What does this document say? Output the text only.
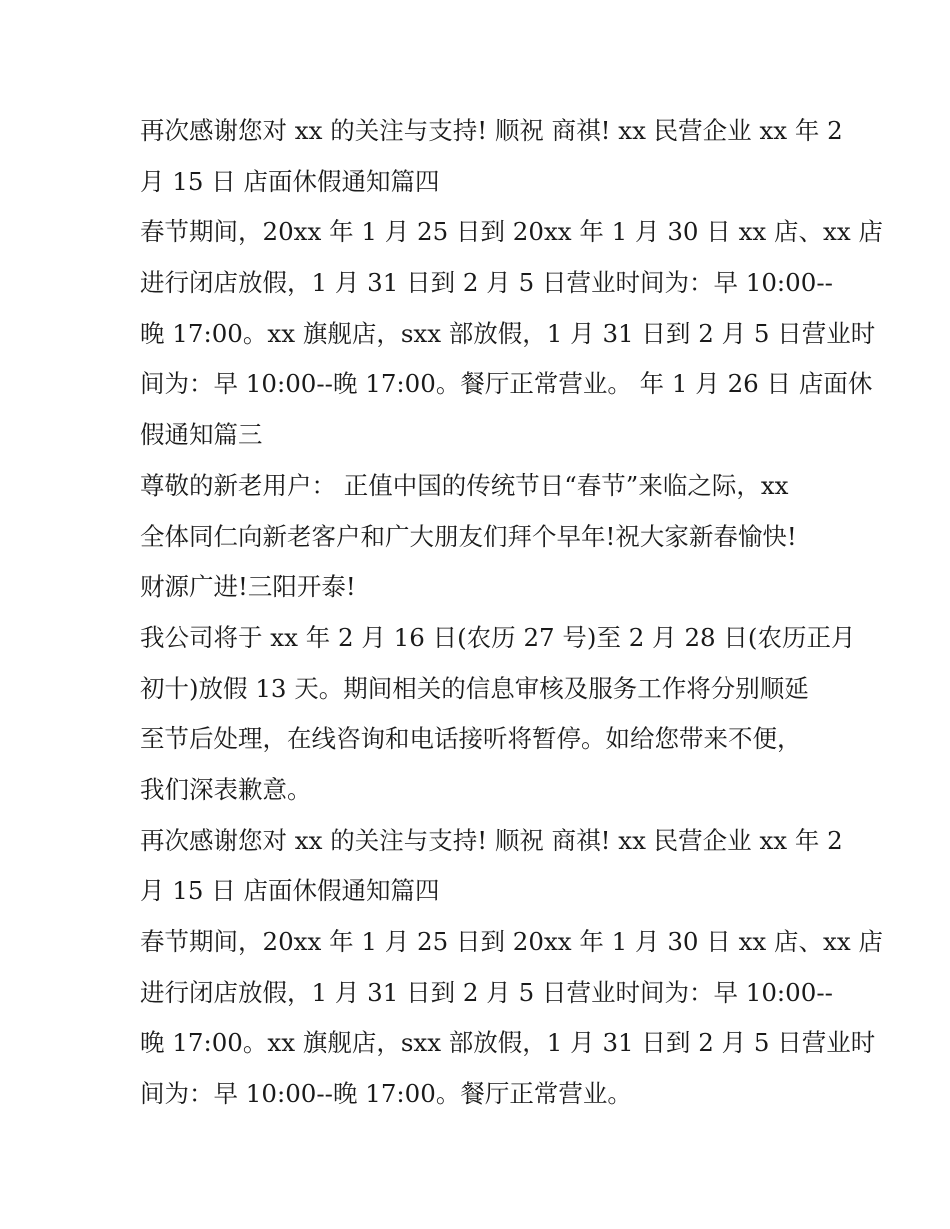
再次感谢您对 xx 的关注与支持! 顺祝 商祺! xx 民营企业 xx 年 2
月 15 日 店面休假通知篇四
春节期间，20xx 年 1 月 25 日到 20xx 年 1 月 30 日 xx 店、xx 店
进行闭店放假，1 月 31 日到 2 月 5 日营业时间为：早 10:00--
晚 17:00。xx 旗舰店，sxx 部放假，1 月 31 日到 2 月 5 日营业时
间为：早 10:00--晚 17:00。餐厅正常营业。 年 1 月 26 日 店面休
假通知篇三
尊敬的新老用户： 正值中国的传统节日“春节”来临之际，xx
全体同仁向新老客户和广大朋友们拜个早年!祝大家新春愉快!
财源广进!三阳开泰!
我公司将于 xx 年 2 月 16 日(农历 27 号)至 2 月 28 日(农历正月
初十)放假 13 天。期间相关的信息审核及服务工作将分别顺延
至节后处理，在线咨询和电话接听将暂停。如给您带来不便，
我们深表歉意。
再次感谢您对 xx 的关注与支持! 顺祝 商祺! xx 民营企业 xx 年 2
月 15 日 店面休假通知篇四
春节期间，20xx 年 1 月 25 日到 20xx 年 1 月 30 日 xx 店、xx 店
进行闭店放假，1 月 31 日到 2 月 5 日营业时间为：早 10:00--
晚 17:00。xx 旗舰店，sxx 部放假，1 月 31 日到 2 月 5 日营业时
间为：早 10:00--晚 17:00。餐厅正常营业。
